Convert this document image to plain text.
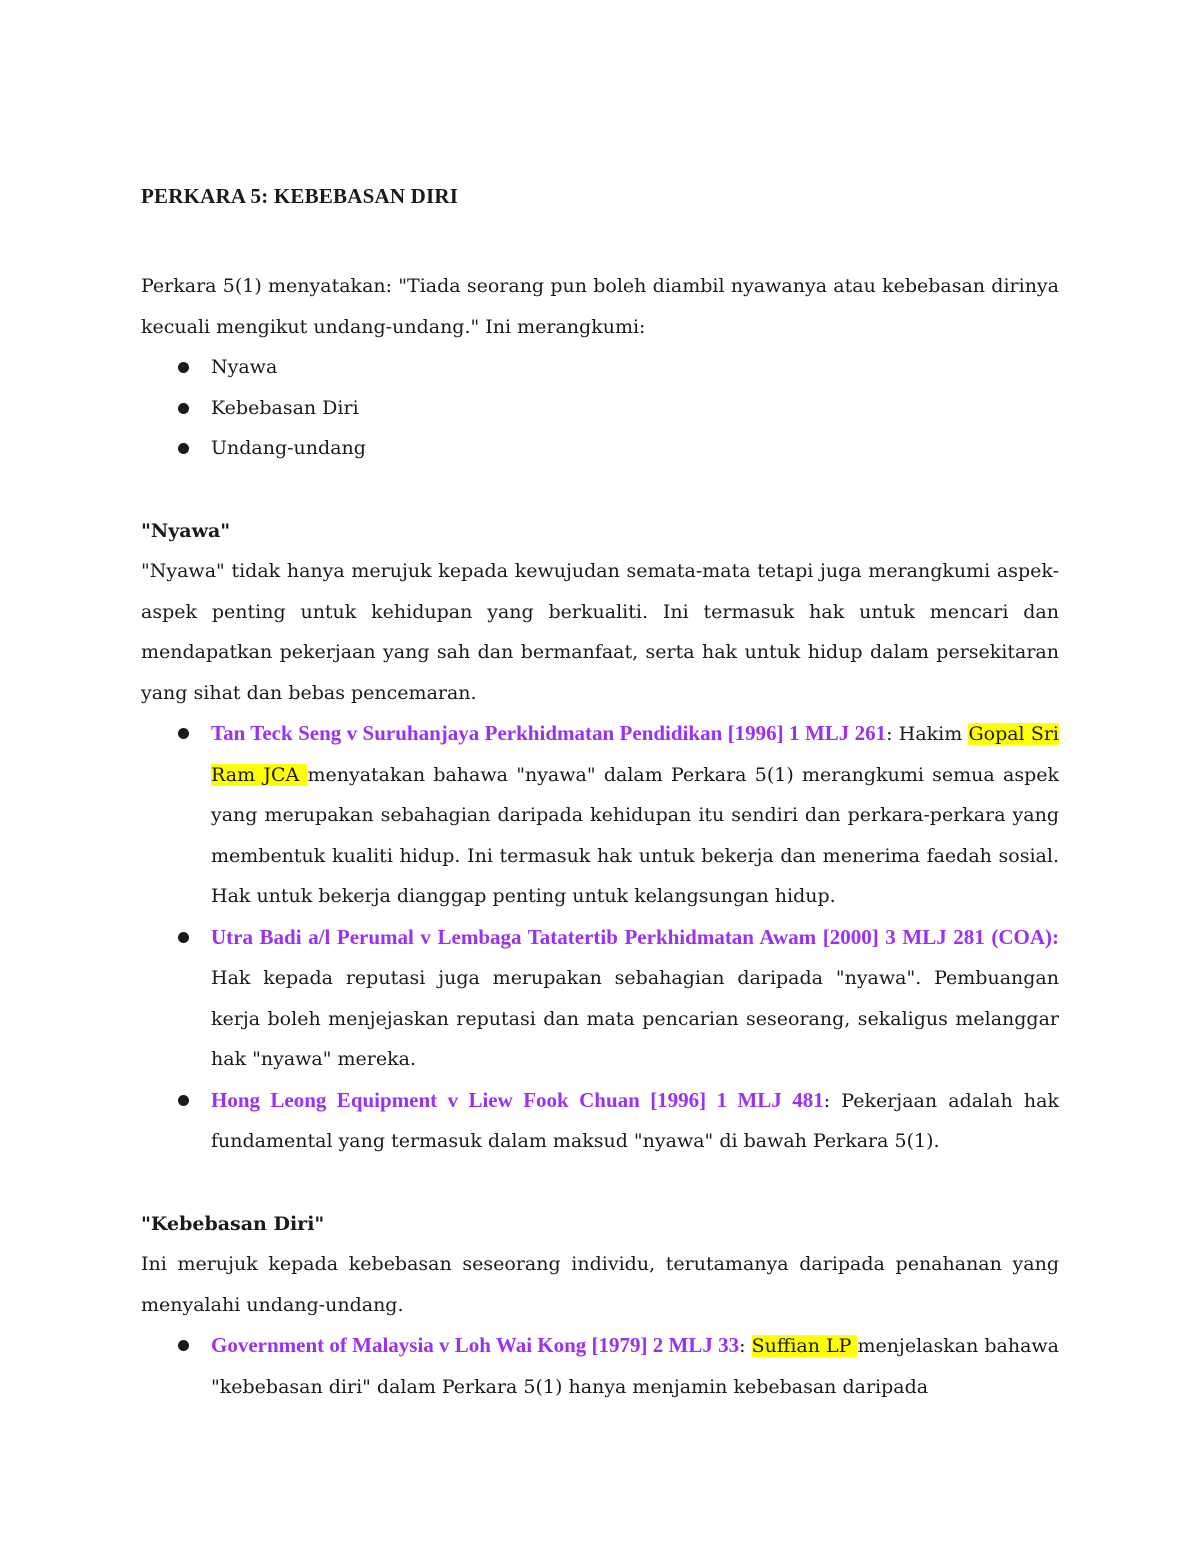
PERKARA 5: KEBEBASAN DIRI

Perkara 5(1) menyatakan: "Tiada seorang pun boleh diambil nyawanya atau kebebasan dirinya kecuali mengikut undang-undang." Ini merangkumi:

Nyawa
Kebebasan Diri
Undang-undang

"Nyawa"

"Nyawa" tidak hanya merujuk kepada kewujudan semata-mata tetapi juga merangkumi aspek-aspek penting untuk kehidupan yang berkualiti. Ini termasuk hak untuk mencari dan mendapatkan pekerjaan yang sah dan bermanfaat, serta hak untuk hidup dalam persekitaran yang sihat dan bebas pencemaran.

Tan Teck Seng v Suruhanjaya Perkhidmatan Pendidikan [1996] 1 MLJ 261: Hakim Gopal Sri Ram JCA menyatakan bahawa "nyawa" dalam Perkara 5(1) merangkumi semua aspek yang merupakan sebahagian daripada kehidupan itu sendiri dan perkara-perkara yang membentuk kualiti hidup. Ini termasuk hak untuk bekerja dan menerima faedah sosial. Hak untuk bekerja dianggap penting untuk kelangsungan hidup.
Utra Badi a/l Perumal v Lembaga Tatatertib Perkhidmatan Awam [2000] 3 MLJ 281 (COA): Hak kepada reputasi juga merupakan sebahagian daripada "nyawa". Pembuangan kerja boleh menjejaskan reputasi dan mata pencarian seseorang, sekaligus melanggar hak "nyawa" mereka.
Hong Leong Equipment v Liew Fook Chuan [1996] 1 MLJ 481: Pekerjaan adalah hak fundamental yang termasuk dalam maksud "nyawa" di bawah Perkara 5(1).

"Kebebasan Diri"

Ini merujuk kepada kebebasan seseorang individu, terutamanya daripada penahanan yang menyalahi undang-undang.

Government of Malaysia v Loh Wai Kong [1979] 2 MLJ 33: Suffian LP menjelaskan bahawa "kebebasan diri" dalam Perkara 5(1) hanya menjamin kebebasan daripada
